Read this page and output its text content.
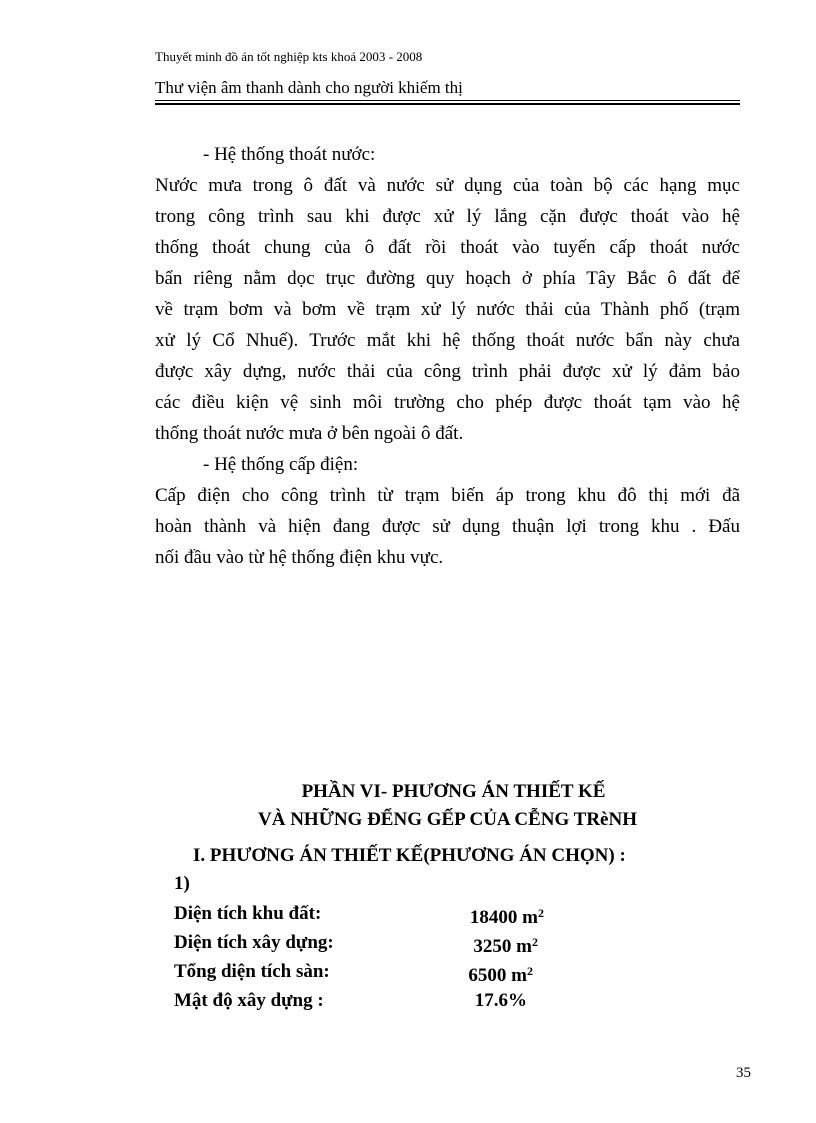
Thuyết minh đồ án tốt nghiệp kts khoá 2003 - 2008
Thư viện âm thanh dành cho người khiếm thị

- Hệ thống thoát nước:

Nước mưa trong ô đất và nước sử dụng của toàn bộ các hạng mục
trong công trình sau khi được xử lý lắng cặn được thoát vào hệ
thống thoát chung của ô đất rồi thoát vào tuyến cấp thoát nước
bẩn riêng nằm dọc trục đường quy hoạch ở phía Tây Bắc ô đất để
về trạm bơm và bơm về trạm xử lý nước thải của Thành phố (trạm
xử lý Cổ Nhuế). Trước mắt khi hệ thống thoát nước bẩn này chưa
được xây dựng, nước thải của công trình phải được xử lý đảm bảo
các điều kiện vệ sinh môi trường cho phép được thoát tạm vào hệ
thống thoát nước mưa ở bên ngoài ô đất.

- Hệ thống cấp điện:

Cấp điện cho công trình từ trạm biến áp trong khu đô thị mới đã
hoàn thành và hiện đang được sử dụng thuận lợi trong khu . Đấu
nối đầu vào từ hệ thống điện khu vực.
PHẦN VI- PHƯƠNG ÁN THIẾT KẾ
VÀ NHỮNG ĐỂNG GẾP CỦA CỄNG TRèNH
I. PHƯƠNG ÁN THIẾT KẾ(PHƯƠNG ÁN CHỌN) :
1)
Diện tích khu đất:	18400 $m^2$
Diện tích xây dựng:	3250 $m^2$
Tổng diện tích sàn:	6500 $m^2$
Mật độ xây dựng :	17.6%
35
